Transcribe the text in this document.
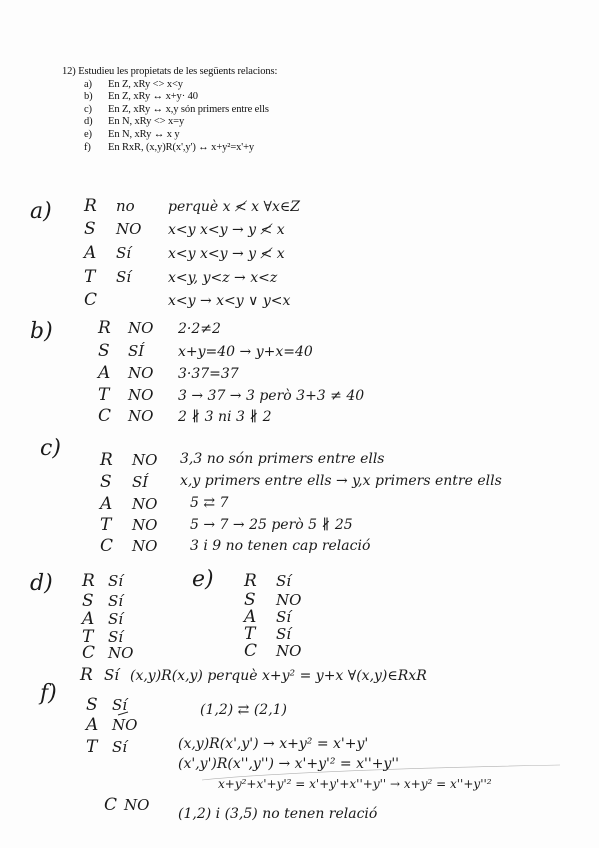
12) Estudieu les propietats de les següents relacions:
a)	En Z, xRy <> x<y
b)	En Z, xRy ↔ x+y· 40
c)	En Z, xRy ↔ x,y són primers entre ells
d)	En N, xRy <> x=y
e)	En N, xRy ↔ x y
f)	En RxR, (x,y)R(x',y') ↔ x+y²=x'+y
a) R no perquè x ≮ x ∀x∈Z
S NO x<y x<y → y ≮ x
A Sí	x<y x<y → y ≮ x
T Sí	x<y, y<z → x<z
C	x<y → x<y ∨ y<x
b)	R NO 2·2≠2
S SÍ x+y=40 → y+x=40
A NO 3·37=37
T NO 3 → 37 → 3 però 3+3 ≠ 40
C NO 2 ∦ 3 ni 3 ∦ 2
c) R NO 3,3 no són primers entre ells
S SÍ x,y primers entre ells → y,x primers entre ells
A NO 5 ⇄ 7
T NO 5 → 7 → 25 però 5 ∦ 25
C NO 3 i 9 no tenen cap relació
d) R Sí
S Sí
A Sí
T Sí
C NO
e) R Sí
S NO
A Sí
T Sí
C NO
f)
R Sí (x,y)R(x,y) perquè x+y² = y+x ∀(x,y)∈RxR
S Sí	(1,2) ⇄ (2,1)
A NO
T Sí	(x,y)R(x',y') → x+y² = x'+y'
(x',y')R(x'',y'') → x'+y'² = x''+y''
x+y²+x'+y'² = x'+y'+x''+y'' → x+y² = x''+y''²
C NO (1,2) i (3,5) no tenen relació
